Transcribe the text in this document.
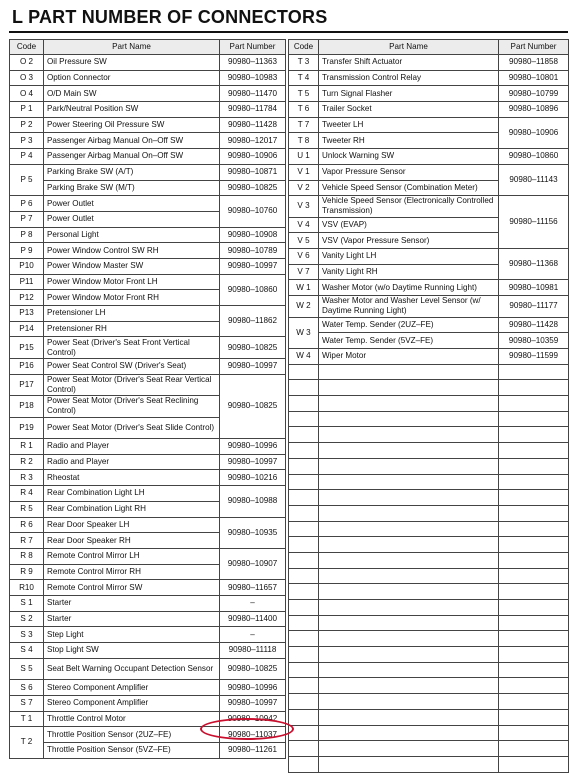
L PART NUMBER OF CONNECTORS
Code	Part Name	Part Number
O 2	Oil Pressure SW	90980–11363
O 3	Option Connector	90980–10983
O 4	O/D Main SW	90980–11470
P 1	Park/Neutral Position SW	90980–11784
P 2	Power Steering Oil Pressure SW	90980–11428
P 3	Passenger Airbag Manual On–Off SW	90980–12017
P 4	Passenger Airbag Manual On–Off SW	90980–10906
P 5	Parking Brake SW (A/T)	90980–10871
	Parking Brake SW (M/T)	90980–10825
P 6	Power Outlet	90980–10760
P 7	Power Outlet	
P 8	Personal Light	90980–10908
P 9	Power Window Control SW RH	90980–10789
P10	Power Window Master SW	90980–10997
P11	Power Window Motor Front LH	90980–10860
P12	Power Window Motor Front RH	
P13	Pretensioner LH	90980–11862
P14	Pretensioner RH	
P15	Power Seat (Driver's Seat Front Vertical Control)	90980–10825
P16	Power Seat Control SW (Driver's Seat)	90980–10997
P17	Power Seat Motor (Driver's Seat Rear Vertical Control)	90980–10825
P18	Power Seat Motor (Driver's Seat Reclining Control)	
P19	Power Seat Motor (Driver's Seat Slide Control)	
R 1	Radio and Player	90980–10996
R 2	Radio and Player	90980–10997
R 3	Rheostat	90980–10216
R 4	Rear Combination Light LH	90980–10988
R 5	Rear Combination Light RH	
R 6	Rear Door Speaker LH	90980–10935
R 7	Rear Door Speaker RH	
R 8	Remote Control Mirror LH	90980–10907
R 9	Remote Control Mirror RH	
R10	Remote Control Mirror SW	90980–11657
S 1	Starter	–
S 2	Starter	90980–11400
S 3	Step Light	–
S 4	Stop Light SW	90980–11118
S 5	Seat Belt Warning Occupant Detection Sensor	90980–10825
S 6	Stereo Component Amplifier	90980–10996
S 7	Stereo Component Amplifier	90980–10997
T 1	Throttle Control Motor	90980–10942
T 2	Throttle Position Sensor (2UZ–FE)	90980–11037
	Throttle Position Sensor (5VZ–FE)	90980–11261
Code	Part Name	Part Number
T 3	Transfer Shift Actuator	90980–11858
T 4	Transmission Control Relay	90980–10801
T 5	Turn Signal Flasher	90980–10799
T 6	Trailer Socket	90980–10896
T 7	Tweeter LH	90980–10906
T 8	Tweeter RH	
U 1	Unlock Warning SW	90980–10860
V 1	Vapor Pressure Sensor	90980–11143
V 2	Vehicle Speed Sensor (Combination Meter)	
V 3	Vehicle Speed Sensor (Electronically Controlled Transmission)	90980–11156
V 4	VSV (EVAP)	
V 5	VSV (Vapor Pressure Sensor)	
V 6	Vanity Light LH	90980–11368
V 7	Vanity Light RH	
W 1	Washer Motor (w/o Daytime Running Light)	90980–10981
W 2	Washer Motor and Washer Level Sensor (w/ Daytime Running Light)	90980–11177
W 3	Water Temp. Sender (2UZ–FE)	90980–11428
	Water Temp. Sender (5VZ–FE)	90980–10359
W 4	Wiper Motor	90980–11599
